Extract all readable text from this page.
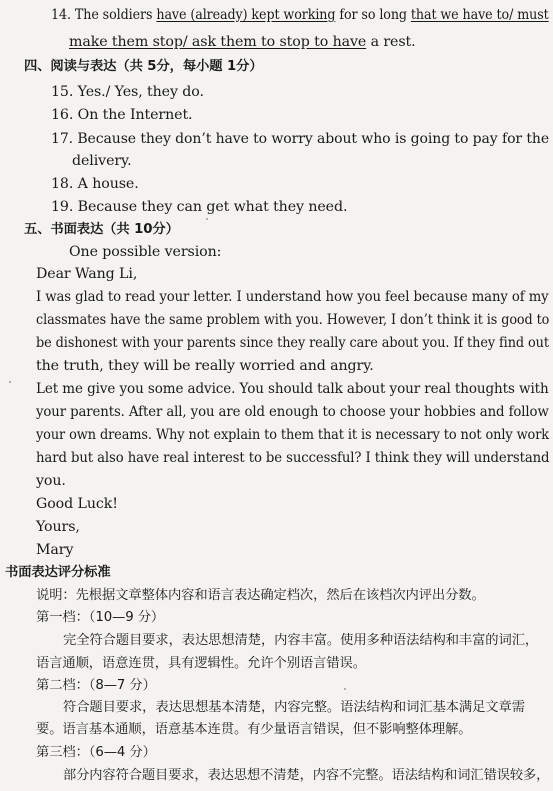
14. The soldiers have (already) kept working for so long that we have to/ must
make them stop/ ask them to stop to have a rest.
四、阅读与表达（共 5分，每小题 1分）
15. Yes./ Yes, they do.
16. On the Internet.
17. Because they don’t have to worry about who is going to pay for the
delivery.
18. A house.
19. Because they can get what they need.
五、书面表达（共 10分）
One possible version:
Dear Wang Li,
I was glad to read your letter. I understand how you feel because many of my
classmates have the same problem with you. However, I don’t think it is good to
be dishonest with your parents since they really care about you. If they find out
the truth, they will be really worried and angry.
Let me give you some advice. You should talk about your real thoughts with
your parents. After all, you are old enough to choose your hobbies and follow
your own dreams. Why not explain to them that it is necessary to not only work
hard but also have real interest to be successful? I think they will understand
you.
Good Luck!
Yours,
Mary
书面表达评分标准
说明：先根据文章整体内容和语言表达确定档次，然后在该档次内评出分数。
第一档：（10—9 分）
完全符合题目要求，表达思想清楚，内容丰富。使用多种语法结构和丰富的词汇，
语言通顺，语意连贯，具有逻辑性。允许个别语言错误。
第二档：（8—7 分）
符合题目要求，表达思想基本清楚，内容完整。语法结构和词汇基本满足文章需
要。语言基本通顺，语意基本连贯。有少量语言错误，但不影响整体理解。
第三档：（6—4 分）
部分内容符合题目要求，表达思想不清楚，内容不完整。语法结构和词汇错误较多，
